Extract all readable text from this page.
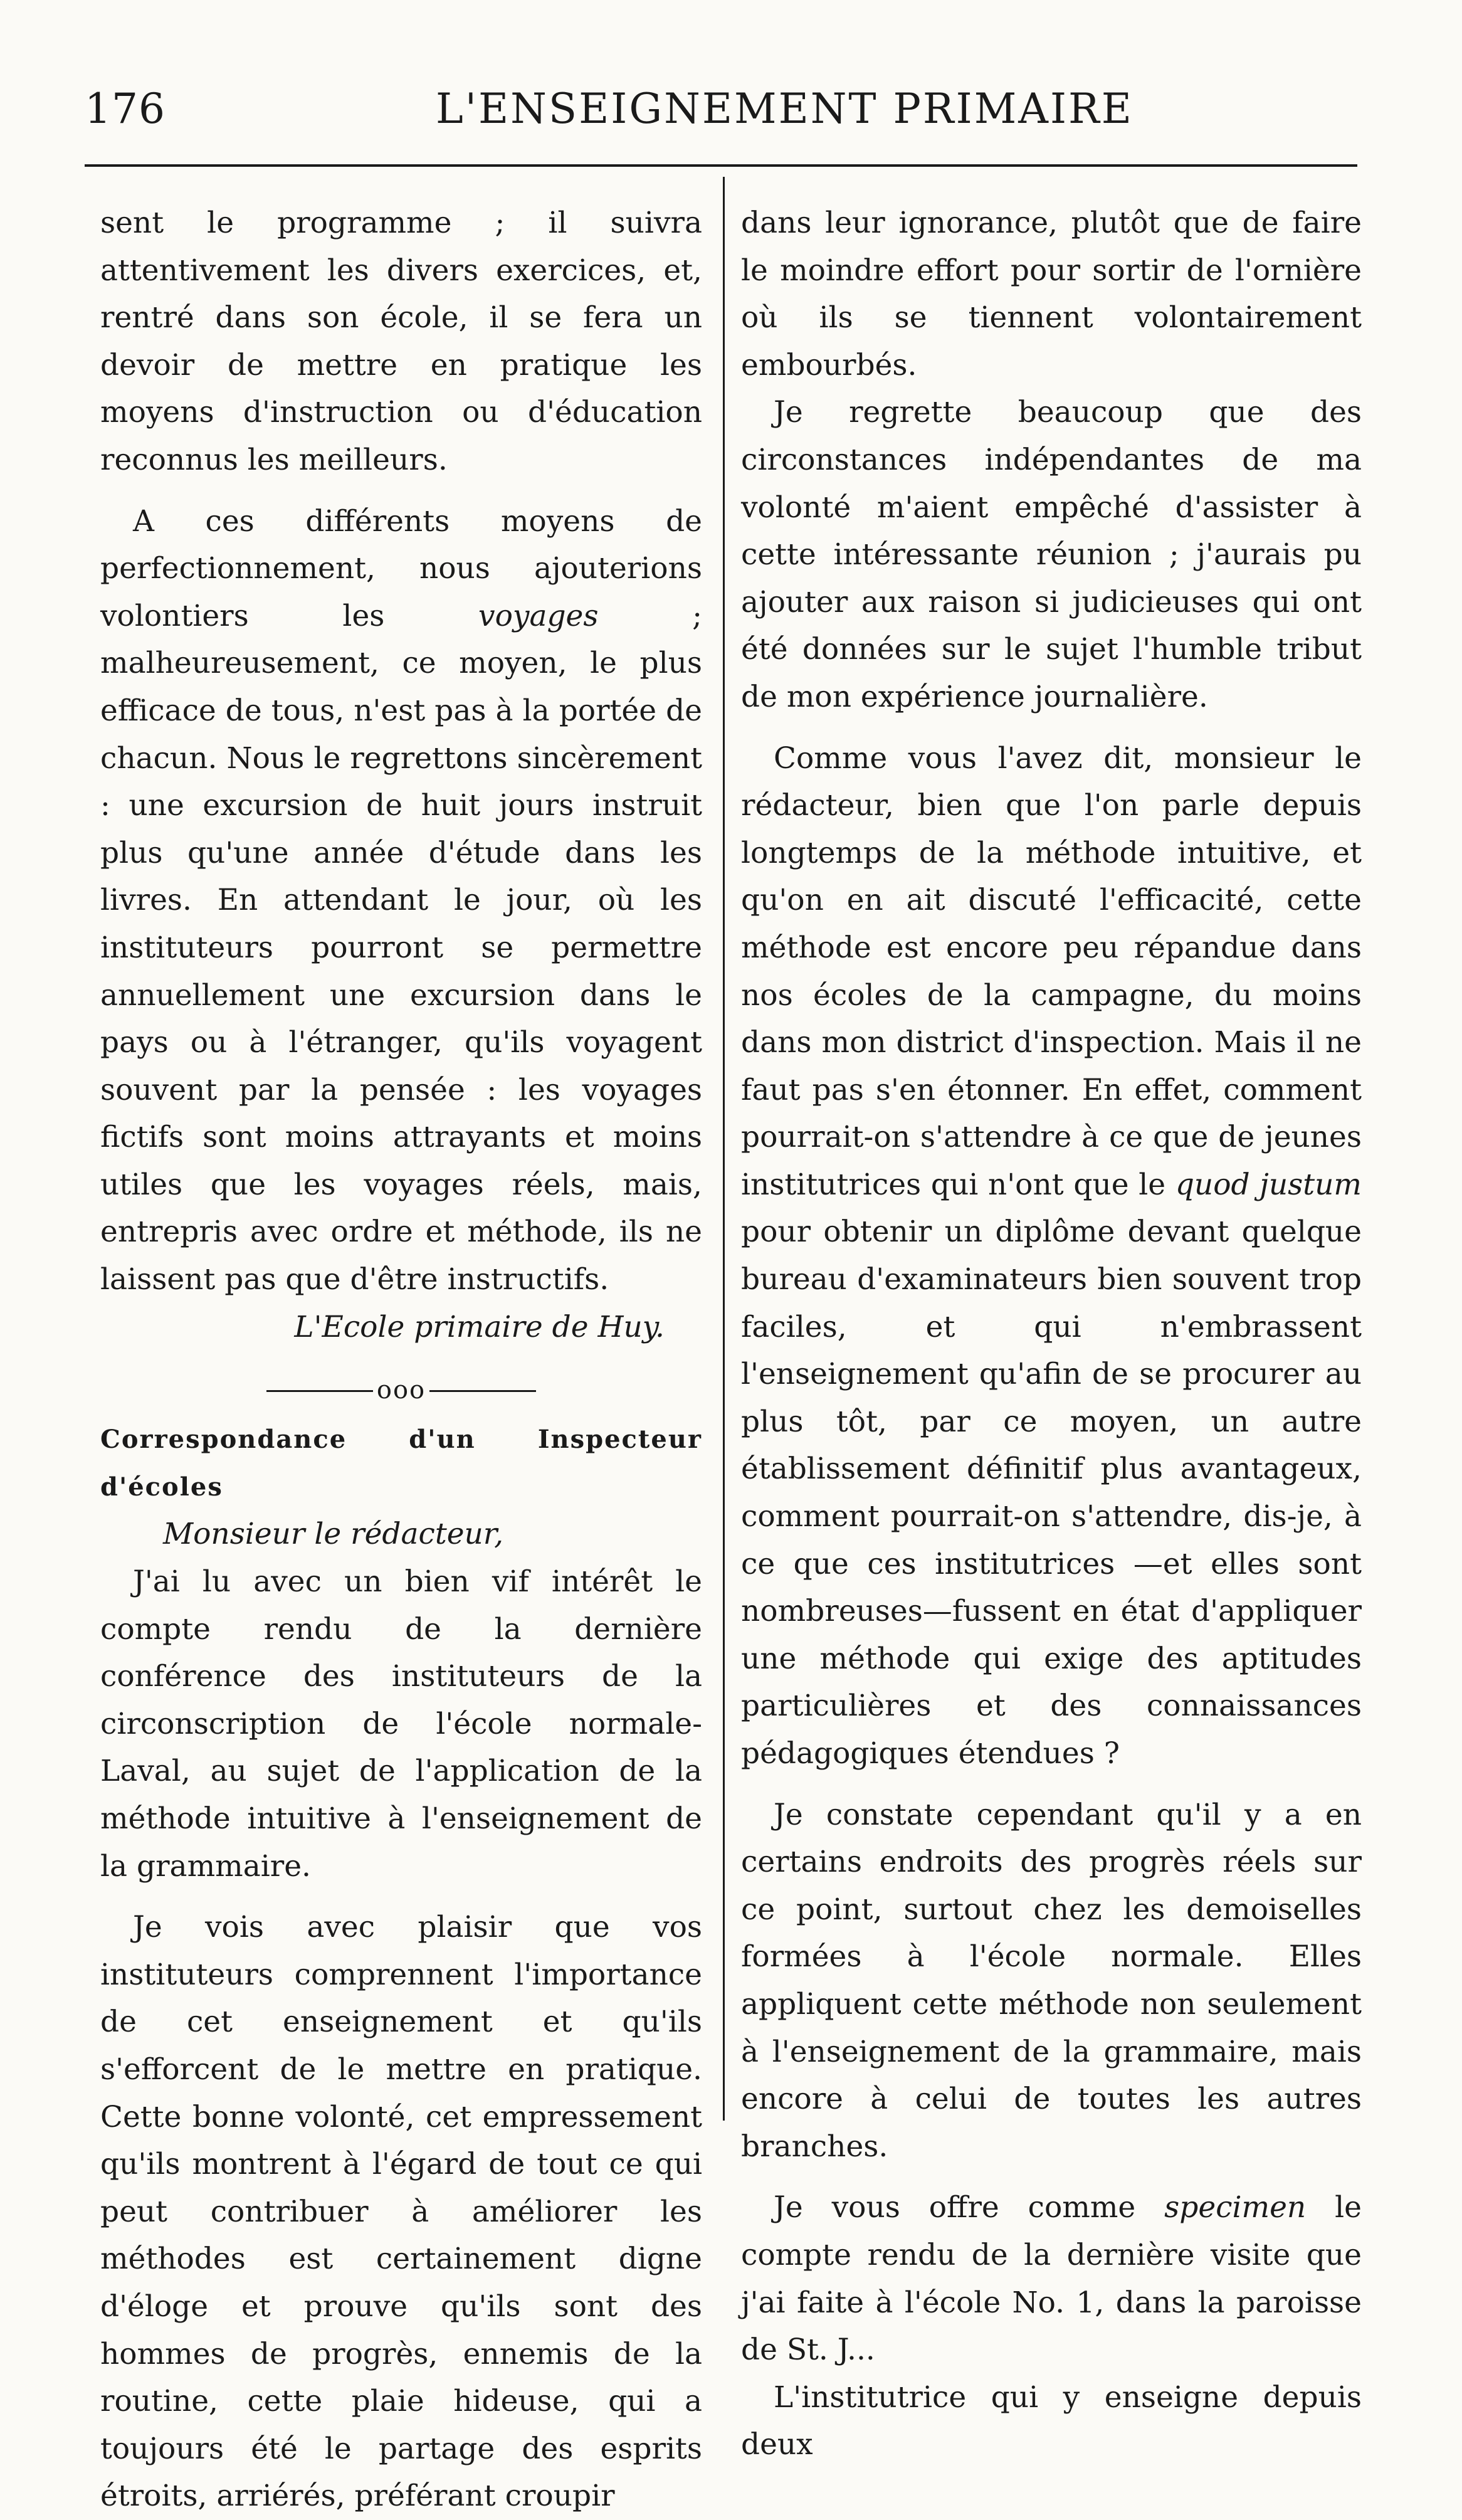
176	L'ENSEIGNEMENT PRIMAIRE

sent le programme ; il suivra attentivement les divers exercices, et, rentré dans son école, il se fera un devoir de mettre en pratique les moyens d'instruction ou d'éducation reconnus les meilleurs.

A ces différents moyens de perfectionnement, nous ajouterions volontiers les voyages ; malheureusement, ce moyen, le plus efficace de tous, n'est pas à la portée de chacun. Nous le regrettons sincèrement : une excursion de huit jours instruit plus qu'une année d'étude dans les livres. En attendant le jour, où les instituteurs pourront se permettre annuellement une excursion dans le pays ou à l'étranger, qu'ils voyagent souvent par la pensée : les voyages fictifs sont moins attrayants et moins utiles que les voyages réels, mais, entrepris avec ordre et méthode, ils ne laissent pas que d'être instructifs.

L'Ecole primaire de Huy.

ooo

Correspondance d'un Inspecteur d'écoles

Monsieur le rédacteur,

J'ai lu avec un bien vif intérêt le compte rendu de la dernière conférence des instituteurs de la circonscription de l'école normale-Laval, au sujet de l'application de la méthode intuitive à l'enseignement de la grammaire.

Je vois avec plaisir que vos instituteurs comprennent l'importance de cet enseignement et qu'ils s'efforcent de le mettre en pratique. Cette bonne volonté, cet empressement qu'ils montrent à l'égard de tout ce qui peut contribuer à améliorer les méthodes est certainement digne d'éloge et prouve qu'ils sont des hommes de progrès, ennemis de la routine, cette plaie hideuse, qui a toujours été le partage des esprits étroits, arriérés, préférant croupir

dans leur ignorance, plutôt que de faire le moindre effort pour sortir de l'ornière où ils se tiennent volontairement embourbés.

Je regrette beaucoup que des circonstances indépendantes de ma volonté m'aient empêché d'assister à cette intéressante réunion ; j'aurais pu ajouter aux raison si judicieuses qui ont été données sur le sujet l'humble tribut de mon expérience journalière.

Comme vous l'avez dit, monsieur le rédacteur, bien que l'on parle depuis longtemps de la méthode intuitive, et qu'on en ait discuté l'efficacité, cette méthode est encore peu répandue dans nos écoles de la campagne, du moins dans mon district d'inspection. Mais il ne faut pas s'en étonner. En effet, comment pourrait-on s'attendre à ce que de jeunes institutrices qui n'ont que le quod justum pour obtenir un diplôme devant quelque bureau d'examinateurs bien souvent trop faciles, et qui n'embrassent l'enseignement qu'afin de se procurer au plus tôt, par ce moyen, un autre établissement définitif plus avantageux, comment pourrait-on s'attendre, dis-je, à ce que ces institutrices —et elles sont nombreuses—fussent en état d'appliquer une méthode qui exige des aptitudes particulières et des connaissances pédagogiques étendues ?

Je constate cependant qu'il y a en certains endroits des progrès réels sur ce point, surtout chez les demoiselles formées à l'école normale. Elles appliquent cette méthode non seulement à l'enseignement de la grammaire, mais encore à celui de toutes les autres branches.

Je vous offre comme specimen le compte rendu de la dernière visite que j'ai faite à l'école No. 1, dans la paroisse de St. J...

L'institutrice qui y enseigne depuis deux
